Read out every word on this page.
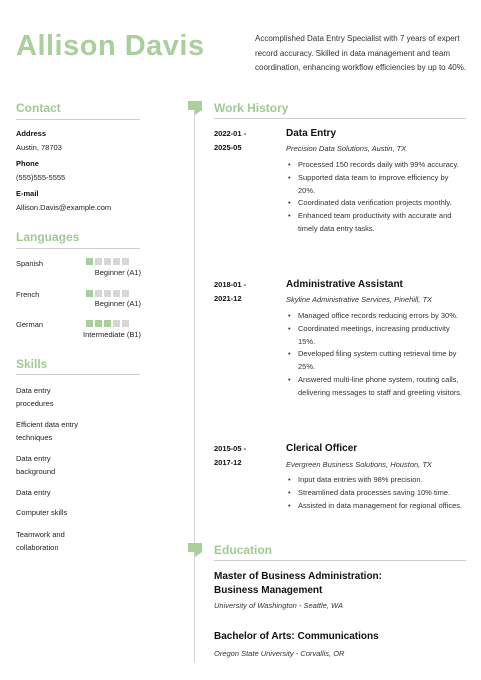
Allison Davis	Accomplished Data Entry Specialist with 7 years of expert record accuracy. Skilled in data management and team coordination, enhancing workflow efficiencies by up to 40%.
Contact
Address
Austin, 78703
Phone
(555)555-5555
E-mail
Allison.Davis@example.com
Languages
Spanish
Beginner (A1)
French
Beginner (A1)
German
Intermediate (B1)
Skills
Data entry procedures
Efficient data entry techniques
Data entry background
Data entry
Computer skills
Teamwork and collaboration
Work History
2022-01 -
2025-05
Data Entry
Precision Data Solutions, Austin, TX
• Processed 150 records daily with 99% accuracy.
• Supported data team to improve efficiency by 20%.
• Coordinated data verification projects monthly.
• Enhanced team productivity with accurate and timely data entry tasks.
2018-01 -
2021-12
Administrative Assistant
Skyline Administrative Services, Pinehill, TX
• Managed office records reducing errors by 30%.
• Coordinated meetings, increasing productivity 15%.
• Developed filing system cutting retrieval time by 25%.
• Answered multi-line phone system, routing calls, delivering messages to staff and greeting visitors.
2015-05 -
2017-12
Clerical Officer
Evergreen Business Solutions, Houston, TX
• Input data entries with 98% precision.
• Streamlined data processes saving 10% time.
• Assisted in data management for regional offices.
Education
Master of Business Administration: Business Management
University of Washington - Seattle, WA
Bachelor of Arts: Communications
Oregon State University - Corvallis, OR
